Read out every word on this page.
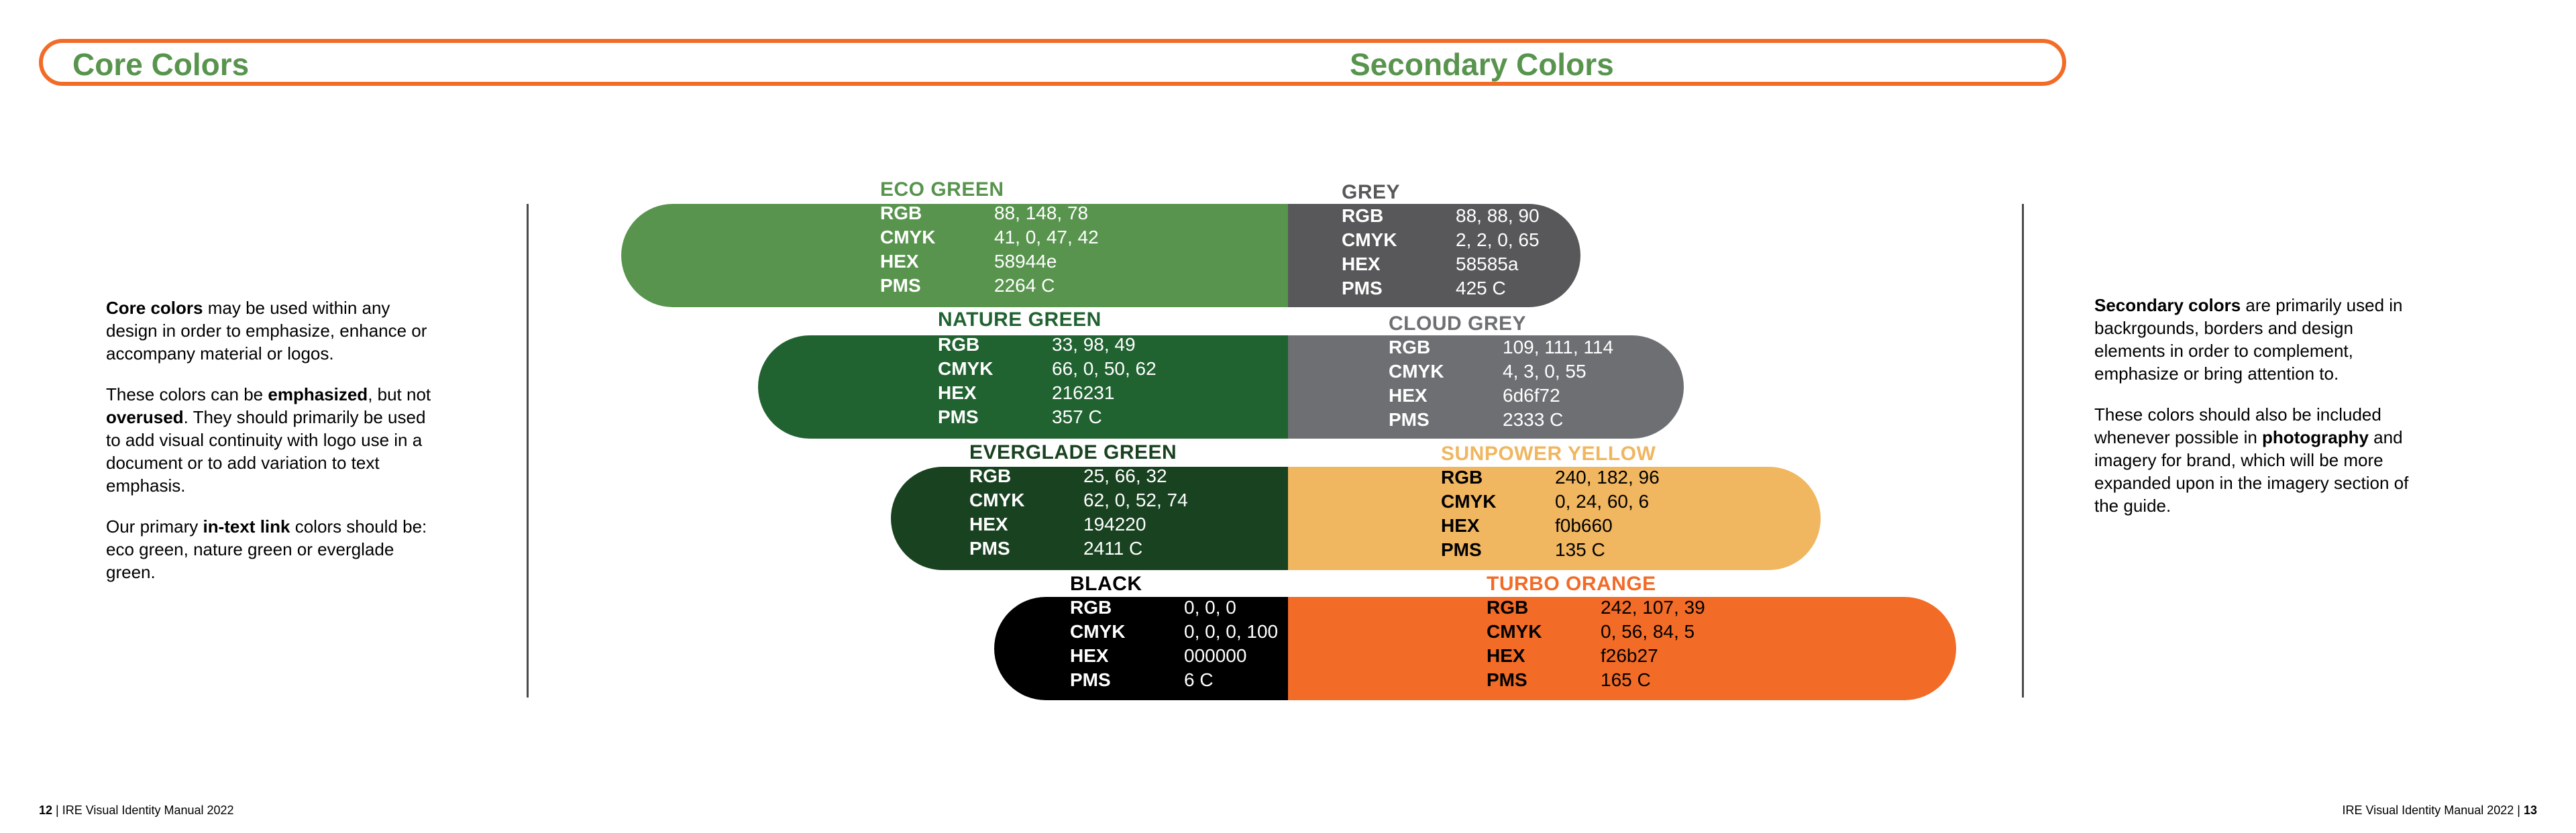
Core Colors	Secondary Colors

Core colors may be used within any design in order to emphasize, enhance or accompany material or logos.

These colors can be emphasized, but not overused. They should primarily be used to add visual continuity with logo use in a document or to add variation to text emphasis.

Our primary in-text link colors should be: eco green, nature green or everglade green.

Secondary colors are primarily used in backrgounds, borders and design elements in order to complement, emphasize or bring attention to.

These colors should also be included whenever possible in photography and imagery for brand, which will be more expanded upon in the imagery section of the guide.

ECO GREEN
RGB	88, 148, 78
CMYK	41, 0, 47, 42
HEX	58944e
PMS	2264 C
NATURE GREEN
RGB	33, 98, 49
CMYK	66, 0, 50, 62
HEX	216231
PMS	357 C
EVERGLADE GREEN
RGB	25, 66, 32
CMYK	62, 0, 52, 74
HEX	194220
PMS	2411 C
BLACK
RGB	0, 0, 0
CMYK	0, 0, 0, 100
HEX	000000
PMS	6 C
GREY
RGB	88, 88, 90
CMYK	2, 2, 0, 65
HEX	58585a
PMS	425 C
CLOUD GREY
RGB	109, 111, 114
CMYK	4, 3, 0, 55
HEX	6d6f72
PMS	2333 C
SUNPOWER YELLOW
RGB	240, 182, 96
CMYK	0, 24, 60, 6
HEX	f0b660
PMS	135 C
TURBO ORANGE
RGB	242, 107, 39
CMYK	0, 56, 84, 5
HEX	f26b27
PMS	165 C
12 | IRE Visual Identity Manual 2022	IRE Visual Identity Manual 2022 | 13
